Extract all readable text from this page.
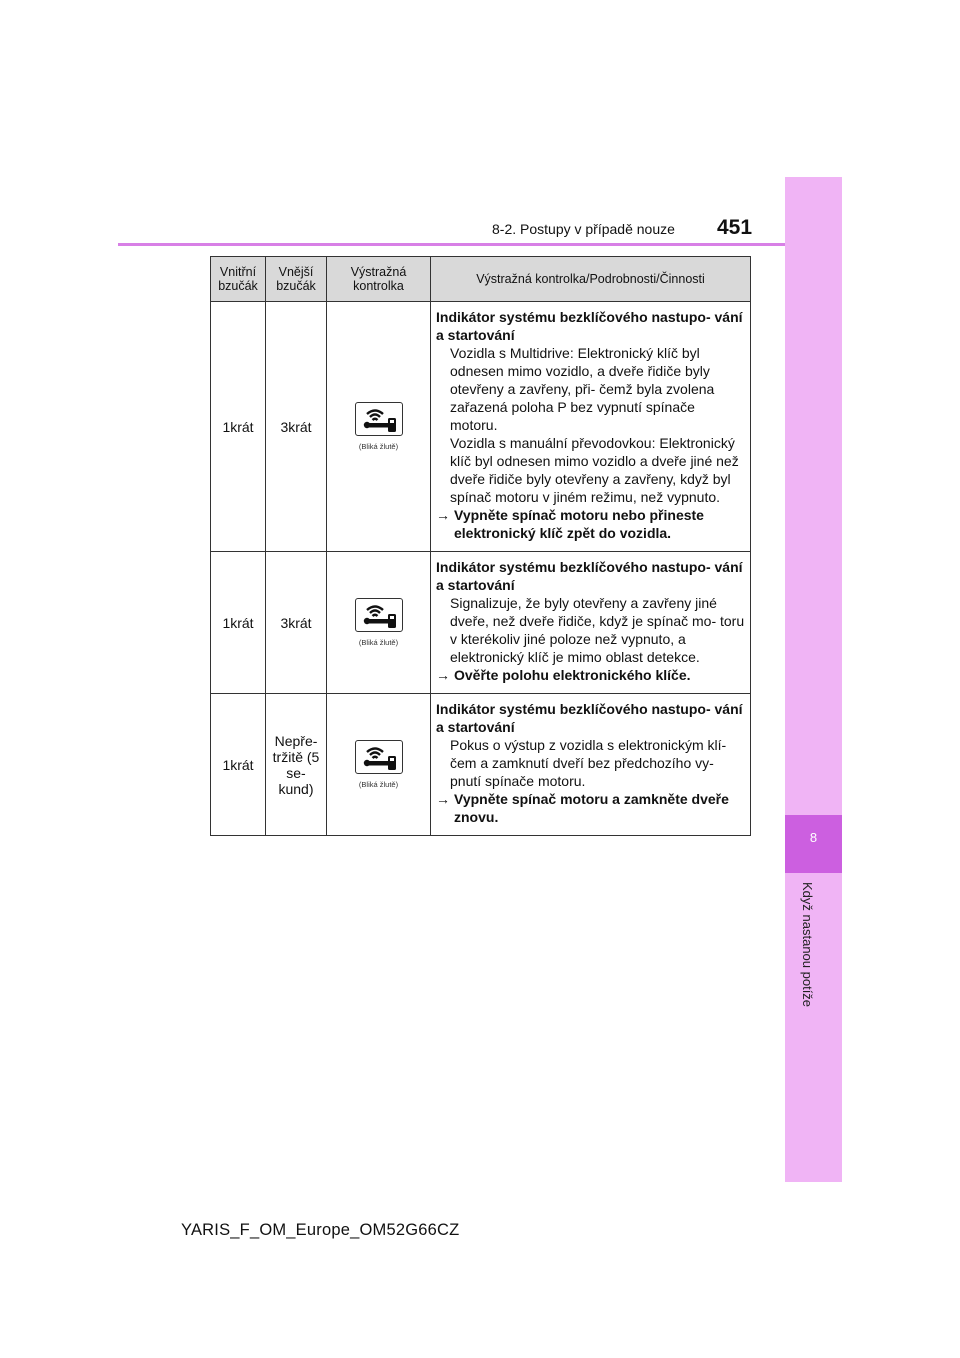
8
Když nastanou potíže
8-2. Postupy v případě nouze 451
Vnitřní bzučák	Vnější bzučák	Výstražná kontrolka	Výstražná kontrolka/Podrobnosti/Činnosti
1krát	3krát	(Bliká žlutě)	Indikátor systému bezklíčového nastupo- vání a startování
Vozidla s Multidrive: Elektronický klíč byl odnesen mimo vozidlo, a dveře řidiče byly otevřeny a zavřeny, při- čemž byla zvolena zařazená poloha P bez vypnutí spínače motoru.
Vozidla s manuální převodovkou: Elektronický klíč byl odnesen mimo vozidlo a dveře jiné než dveře řidiče byly otevřeny a zavřeny, když byl spínač motoru v jiném režimu, než vypnuto.
→ Vypněte spínač motoru nebo přineste elektronický klíč zpět do vozidla.

1krát	3krát	(Bliká žlutě)	Indikátor systému bezklíčového nastupo- vání a startování
Signalizuje, že byly otevřeny a zavřeny jiné dveře, než dveře řidiče, když je spínač mo- toru v kterékoliv jiné poloze než vypnuto, a elektronický klíč je mimo oblast detekce.
→ Ověřte polohu elektronického klíče.

1krát	Nepře- tržitě (5 se- kund)	(Bliká žlutě)	Indikátor systému bezklíčového nastupo- vání a startování
Pokus o výstup z vozidla s elektronickým klí- čem a zamknutí dveří bez předchozího vy- pnutí spínače motoru.
→ Vypněte spínač motoru a zamkněte dveře znovu.
YARIS_F_OM_Europe_OM52G66CZ
